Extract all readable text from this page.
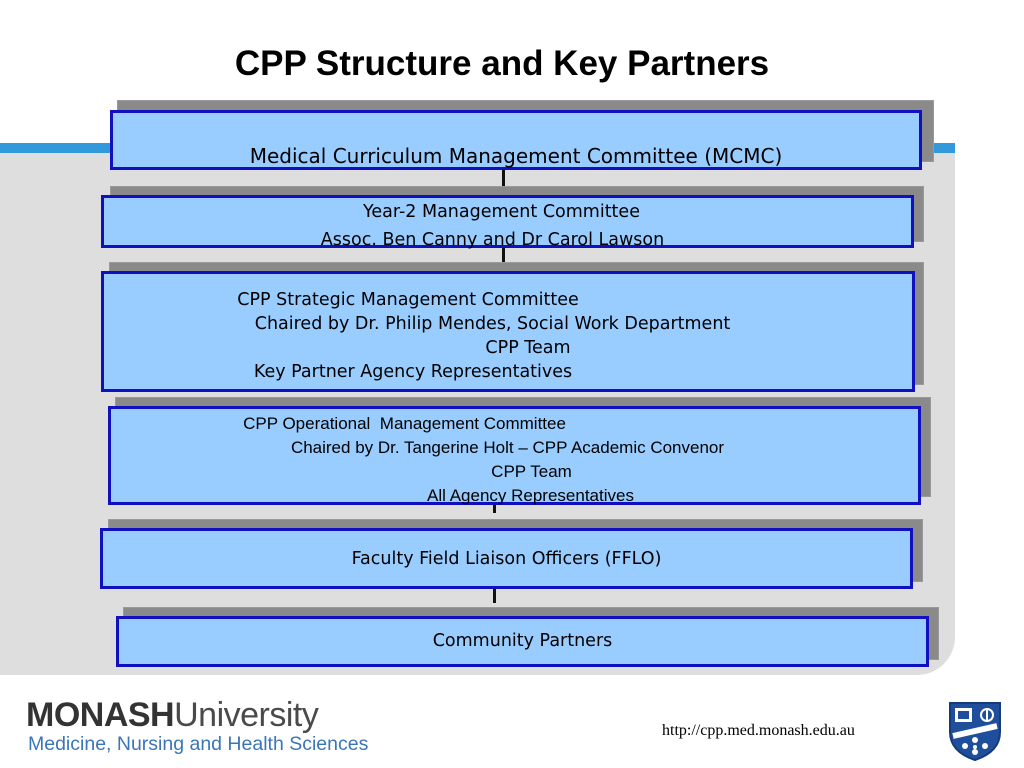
CPP Structure and Key Partners
Medical Curriculum Management Committee (MCMC)
Year-2 Management Committee
Assoc. Ben Canny and Dr Carol Lawson
CPP Strategic Management Committee
Chaired by Dr. Philip Mendes, Social Work Department
CPP Team
Key Partner Agency Representatives
CPP Operational  Management Committee
Chaired by Dr. Tangerine Holt – CPP Academic Convenor
CPP Team
All Agency Representatives
Faculty Field Liaison Officers (FFLO)
Community Partners
MONASHUniversity
Medicine, Nursing and Health Sciences
http://cpp.med.monash.edu.au
